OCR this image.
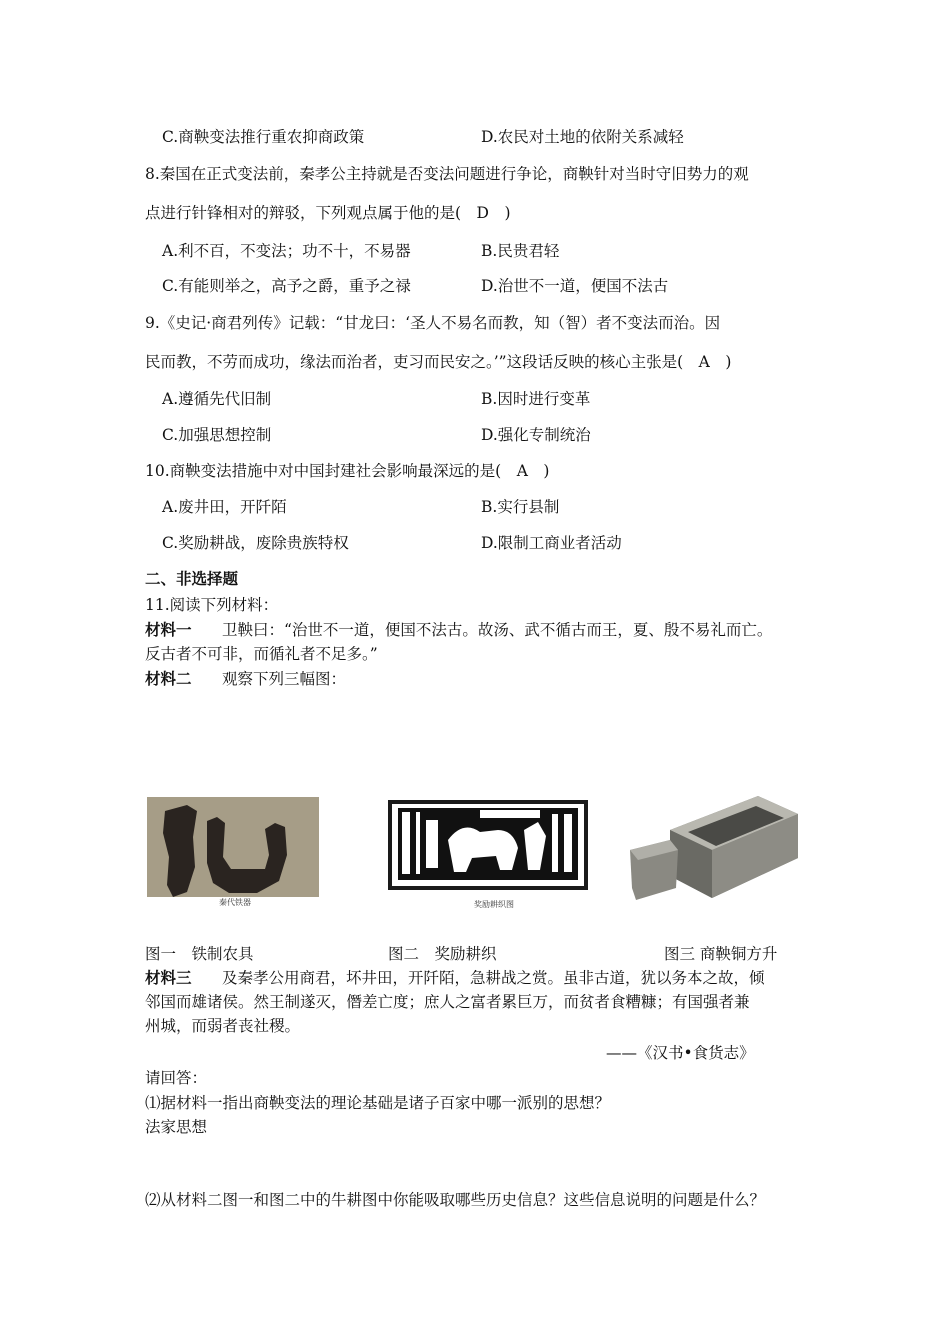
C.商鞅变法推行重农抑商政策	D.农民对土地的依附关系减轻
8.秦国在正式变法前，秦孝公主持就是否变法问题进行争论，商鞅针对当时守旧势力的观
点进行针锋相对的辩驳，下列观点属于他的是(　D　)
A.利不百，不变法；功不十，不易器	B.民贵君轻
C.有能则举之，高予之爵，重予之禄	D.治世不一道，便国不法古
9.《史记·商君列传》记载：“甘龙曰：‘圣人不易名而教，知（智）者不变法而治。因
民而教，不劳而成功，缘法而治者，吏习而民安之。’”这段话反映的核心主张是(　A　)
A.遵循先代旧制	B.因时进行变革
C.加强思想控制	D.强化专制统治
10.商鞅变法措施中对中国封建社会影响最深远的是(　A　)
A.废井田，开阡陌	B.实行县制
C.奖励耕战，废除贵族特权	D.限制工商业者活动
二、非选择题
11.阅读下列材料：
材料一 卫鞅曰：“治世不一道，便国不法古。故汤、武不循古而王，夏、殷不易礼而亡。
反古者不可非，而循礼者不足多。”
材料二 观察下列三幅图：
秦代铁器	奖励耕织图
图一　铁制农具	图二　奖励耕织	图三 商鞅铜方升
材料三 及秦孝公用商君，坏井田，开阡陌，急耕战之赏。虽非古道，犹以务本之故，倾
邻国而雄诸侯。然王制遂灭，僭差亡度；庶人之富者累巨万，而贫者食糟糠；有国强者兼
州城，而弱者丧社稷。
——《汉书•食货志》
请回答：
⑴据材料一指出商鞅变法的理论基础是诸子百家中哪一派别的思想？
法家思想
⑵从材料二图一和图二中的牛耕图中你能吸取哪些历史信息？这些信息说明的问题是什么？
